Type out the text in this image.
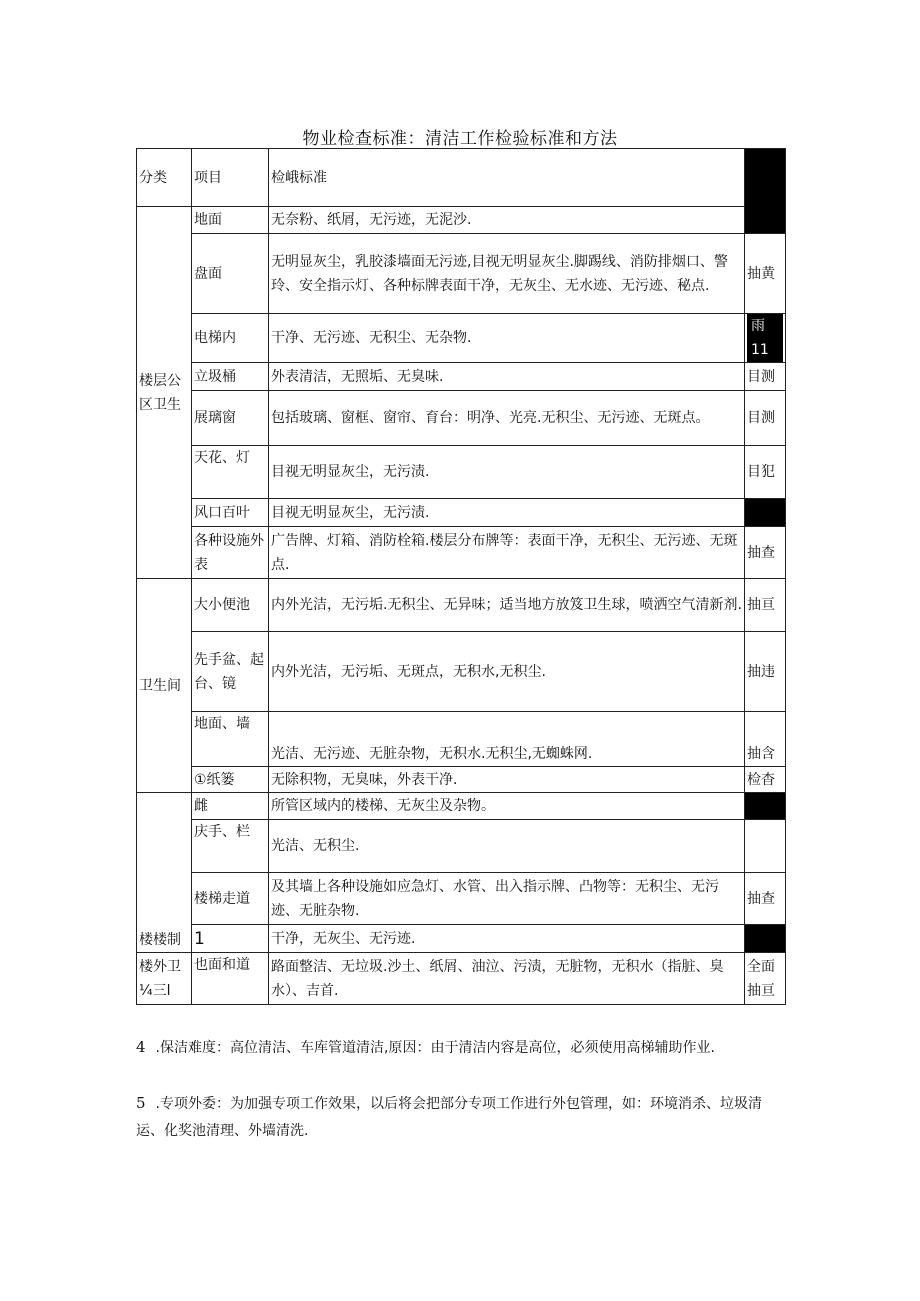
物业检查标准：清洁工作检验标准和方法
分类	项目	检峨标准	
楼层公区卫生	地面	无奈粉、纸屑，无污迹，无泥沙.	
	盘面	无明显灰尘，乳胶漆墙面无污迹,目视无明显灰尘.脚踢线、消防排烟口、警玲、安全指示灯、各种标牌表面干净，无灰尘、无水迹、无污迹、秘点.	抽黄
	电梯内	干净、无污迹、无积尘、无杂物.	雨11
	立圾桶	外表清洁，无照垢、无臭味.	目测
	展璃窗	包括玻璃、窗框、窗帘、育台：明净、光亮.无积尘、无污迹、无斑点。	目测
	天花、灯	目视无明显灰尘，无污渍.	目犯
	风口百叶	目视无明显灰尘，无污渍.	
	各种设施外表	广告牌、灯箱、消防栓箱.楼层分布牌等：表面干净，无积尘、无污迹、无斑点.	抽查
卫生间	大小便池	内外光洁，无污垢.无积尘、无异味；适当地方放笈卫生球，喷洒空气清新剂.	抽亘
	先手盆、起台、镜	内外光洁，无污垢、无斑点，无积水,无积尘.	抽违
	地面、墙	光洁、无污迹、无脏杂物，无积水.无积尘,无蜘蛛网.	抽含
	①纸篓	无除积物，无臭味，外表干净.	检杳
楼楼制	雌	所管区域内的楼梯、无灰尘及杂物。	
	庆手、栏	光洁、无积尘.	
	楼梯走道	及其墙上各种设施如应急灯、水管、出入指示牌、凸物等：无积尘、无污迹、无脏杂物.	抽查
	1	干净，无灰尘、无污迹.	
楼外卫 ¼三l	也面和道	路面整洁、无垃圾.沙土、纸屑、油泣、污渍，无脏物，无积水（指脏、臭水）、吉首.	全面抽亘
4 .保洁难度：高位清洁、车库管道清洁,原因：由于清洁内容是高位，必须使用高梯辅助作业.
5 .专项外委：为加强专项工作效果，以后将会把部分专项工作进行外包管理，如：环境消杀、垃圾清运、化奖池清理、外墙清洗.
